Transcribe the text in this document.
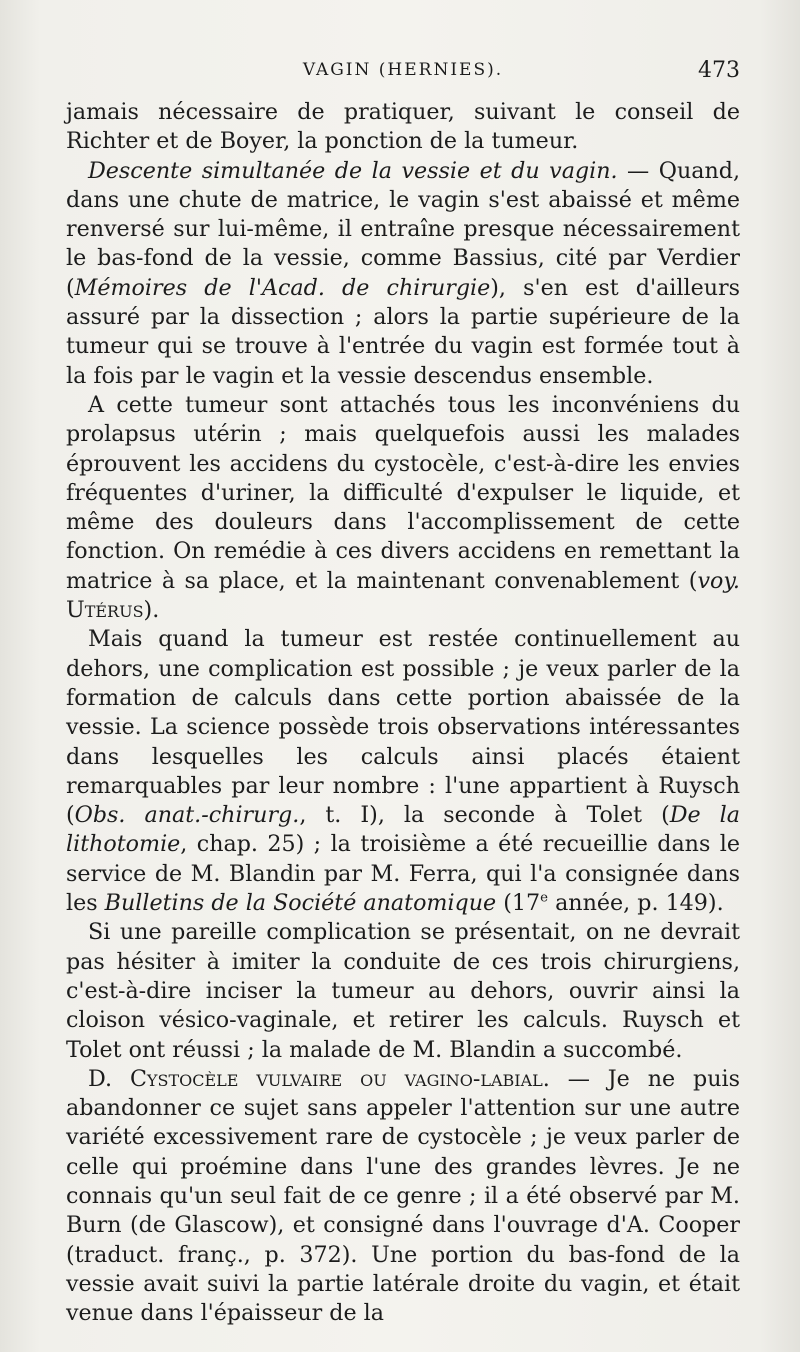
VAGIN (HERNIES).	473

jamais nécessaire de pratiquer, suivant le conseil de Richter et de Boyer, la ponction de la tumeur.

Descente simultanée de la vessie et du vagin. — Quand, dans une chute de matrice, le vagin s'est abaissé et même renversé sur lui-même, il entraîne presque nécessairement le bas-fond de la vessie, comme Bassius, cité par Verdier (Mémoires de l'Acad. de chirurgie), s'en est d'ailleurs assuré par la dissection ; alors la partie supérieure de la tumeur qui se trouve à l'entrée du vagin est formée tout à la fois par le vagin et la vessie descendus ensemble.

A cette tumeur sont attachés tous les inconvéniens du prolapsus utérin ; mais quelquefois aussi les malades éprouvent les accidens du cystocèle, c'est-à-dire les envies fréquentes d'uriner, la difficulté d'expulser le liquide, et même des douleurs dans l'accomplissement de cette fonction. On remédie à ces divers accidens en remettant la matrice à sa place, et la maintenant convenablement (voy. Utérus).

Mais quand la tumeur est restée continuellement au dehors, une complication est possible ; je veux parler de la formation de calculs dans cette portion abaissée de la vessie. La science possède trois observations intéressantes dans lesquelles les calculs ainsi placés étaient remarquables par leur nombre : l'une appartient à Ruysch (Obs. anat.-chirurg., t. I), la seconde à Tolet (De la lithotomie, chap. 25) ; la troisième a été recueillie dans le service de M. Blandin par M. Ferra, qui l'a consignée dans les Bulletins de la Société anatomique (17e année, p. 149).

Si une pareille complication se présentait, on ne devrait pas hésiter à imiter la conduite de ces trois chirurgiens, c'est-à-dire inciser la tumeur au dehors, ouvrir ainsi la cloison vésico-vaginale, et retirer les calculs. Ruysch et Tolet ont réussi ; la malade de M. Blandin a succombé.

D. Cystocèle vulvaire ou vagino-labial. — Je ne puis abandonner ce sujet sans appeler l'attention sur une autre variété excessivement rare de cystocèle ; je veux parler de celle qui proémine dans l'une des grandes lèvres. Je ne connais qu'un seul fait de ce genre ; il a été observé par M. Burn (de Glascow), et consigné dans l'ouvrage d'A. Cooper (traduct. franç., p. 372). Une portion du bas-fond de la vessie avait suivi la partie latérale droite du vagin, et était venue dans l'épaisseur de la
